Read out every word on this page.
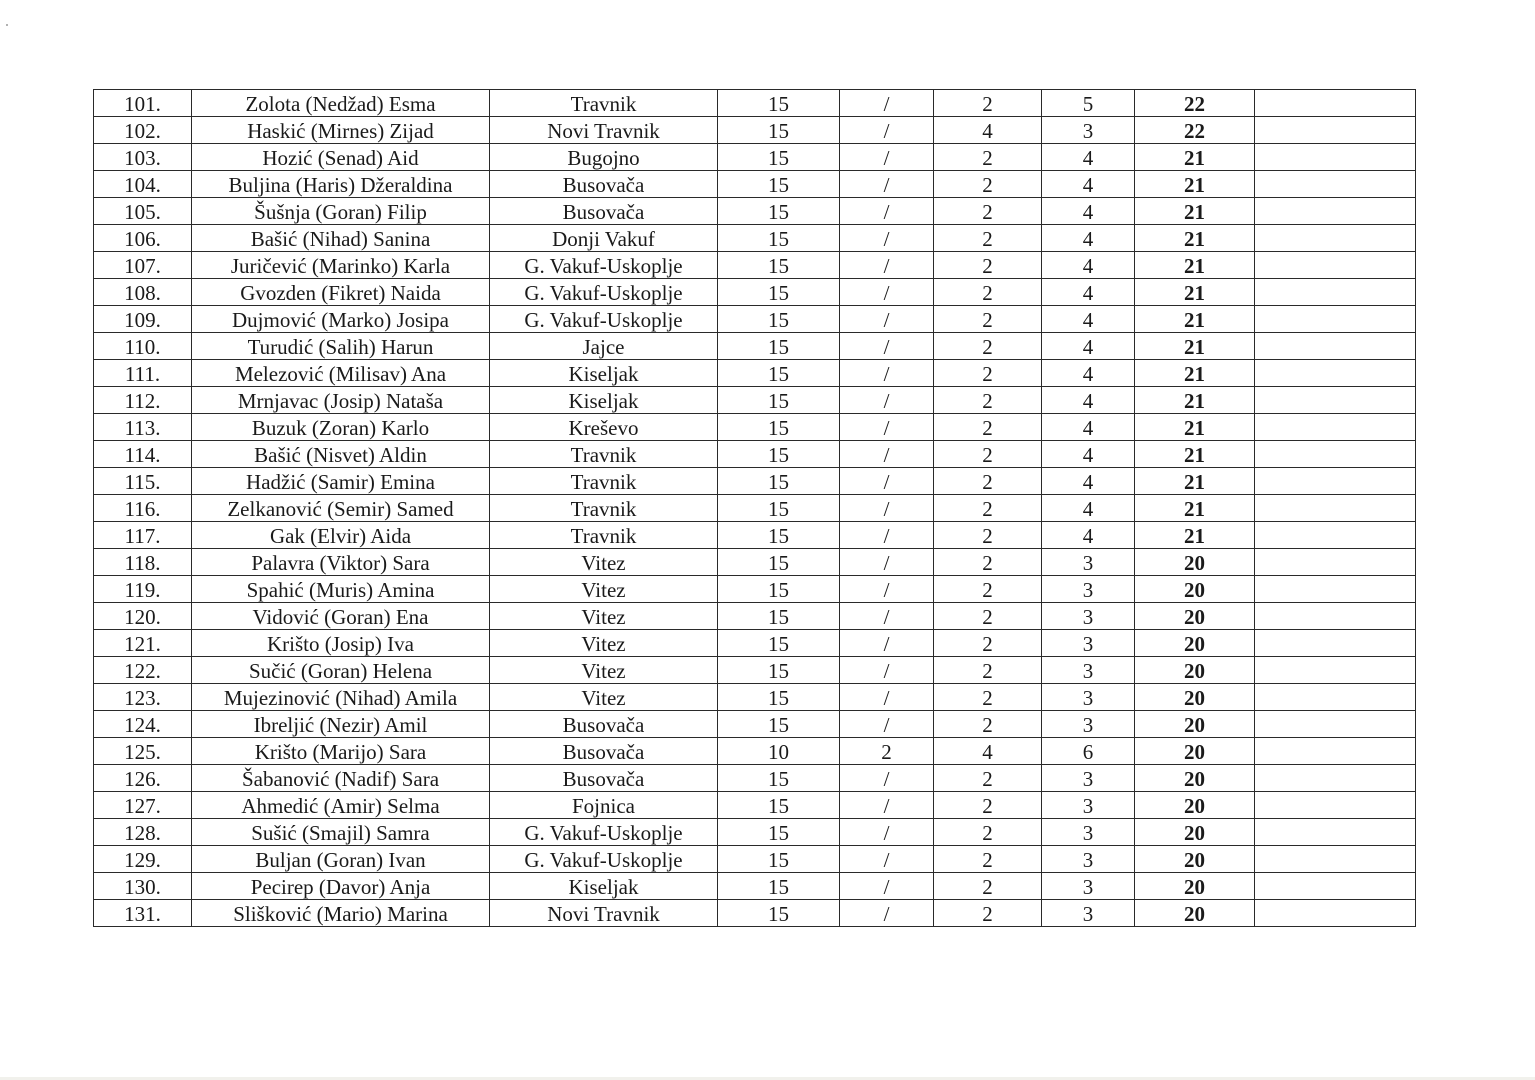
101.	Zolota (Nedžad) Esma	Travnik	15	/	2	5	22	
102.	Haskić (Mirnes) Zijad	Novi Travnik	15	/	4	3	22	
103.	Hozić (Senad) Aid	Bugojno	15	/	2	4	21	
104.	Buljina (Haris) Džeraldina	Busovača	15	/	2	4	21	
105.	Šušnja (Goran) Filip	Busovača	15	/	2	4	21	
106.	Bašić (Nihad) Sanina	Donji Vakuf	15	/	2	4	21	
107.	Juričević (Marinko) Karla	G. Vakuf-Uskoplje	15	/	2	4	21	
108.	Gvozden (Fikret) Naida	G. Vakuf-Uskoplje	15	/	2	4	21	
109.	Dujmović (Marko) Josipa	G. Vakuf-Uskoplje	15	/	2	4	21	
110.	Turudić (Salih) Harun	Jajce	15	/	2	4	21	
111.	Melezović (Milisav) Ana	Kiseljak	15	/	2	4	21	
112.	Mrnjavac (Josip) Nataša	Kiseljak	15	/	2	4	21	
113.	Buzuk (Zoran) Karlo	Kreševo	15	/	2	4	21	
114.	Bašić (Nisvet) Aldin	Travnik	15	/	2	4	21	
115.	Hadžić (Samir) Emina	Travnik	15	/	2	4	21	
116.	Zelkanović (Semir) Samed	Travnik	15	/	2	4	21	
117.	Gak (Elvir) Aida	Travnik	15	/	2	4	21	
118.	Palavra (Viktor) Sara	Vitez	15	/	2	3	20	
119.	Spahić (Muris) Amina	Vitez	15	/	2	3	20	
120.	Vidović (Goran) Ena	Vitez	15	/	2	3	20	
121.	Krišto (Josip) Iva	Vitez	15	/	2	3	20	
122.	Sučić (Goran) Helena	Vitez	15	/	2	3	20	
123.	Mujezinović (Nihad) Amila	Vitez	15	/	2	3	20	
124.	Ibreljić (Nezir) Amil	Busovača	15	/	2	3	20	
125.	Krišto (Marijo) Sara	Busovača	10	2	4	6	20	
126.	Šabanović (Nadif) Sara	Busovača	15	/	2	3	20	
127.	Ahmedić (Amir) Selma	Fojnica	15	/	2	3	20	
128.	Sušić (Smajil) Samra	G. Vakuf-Uskoplje	15	/	2	3	20	
129.	Buljan (Goran) Ivan	G. Vakuf-Uskoplje	15	/	2	3	20	
130.	Pecirep (Davor) Anja	Kiseljak	15	/	2	3	20	
131.	Slišković (Mario) Marina	Novi Travnik	15	/	2	3	20	
